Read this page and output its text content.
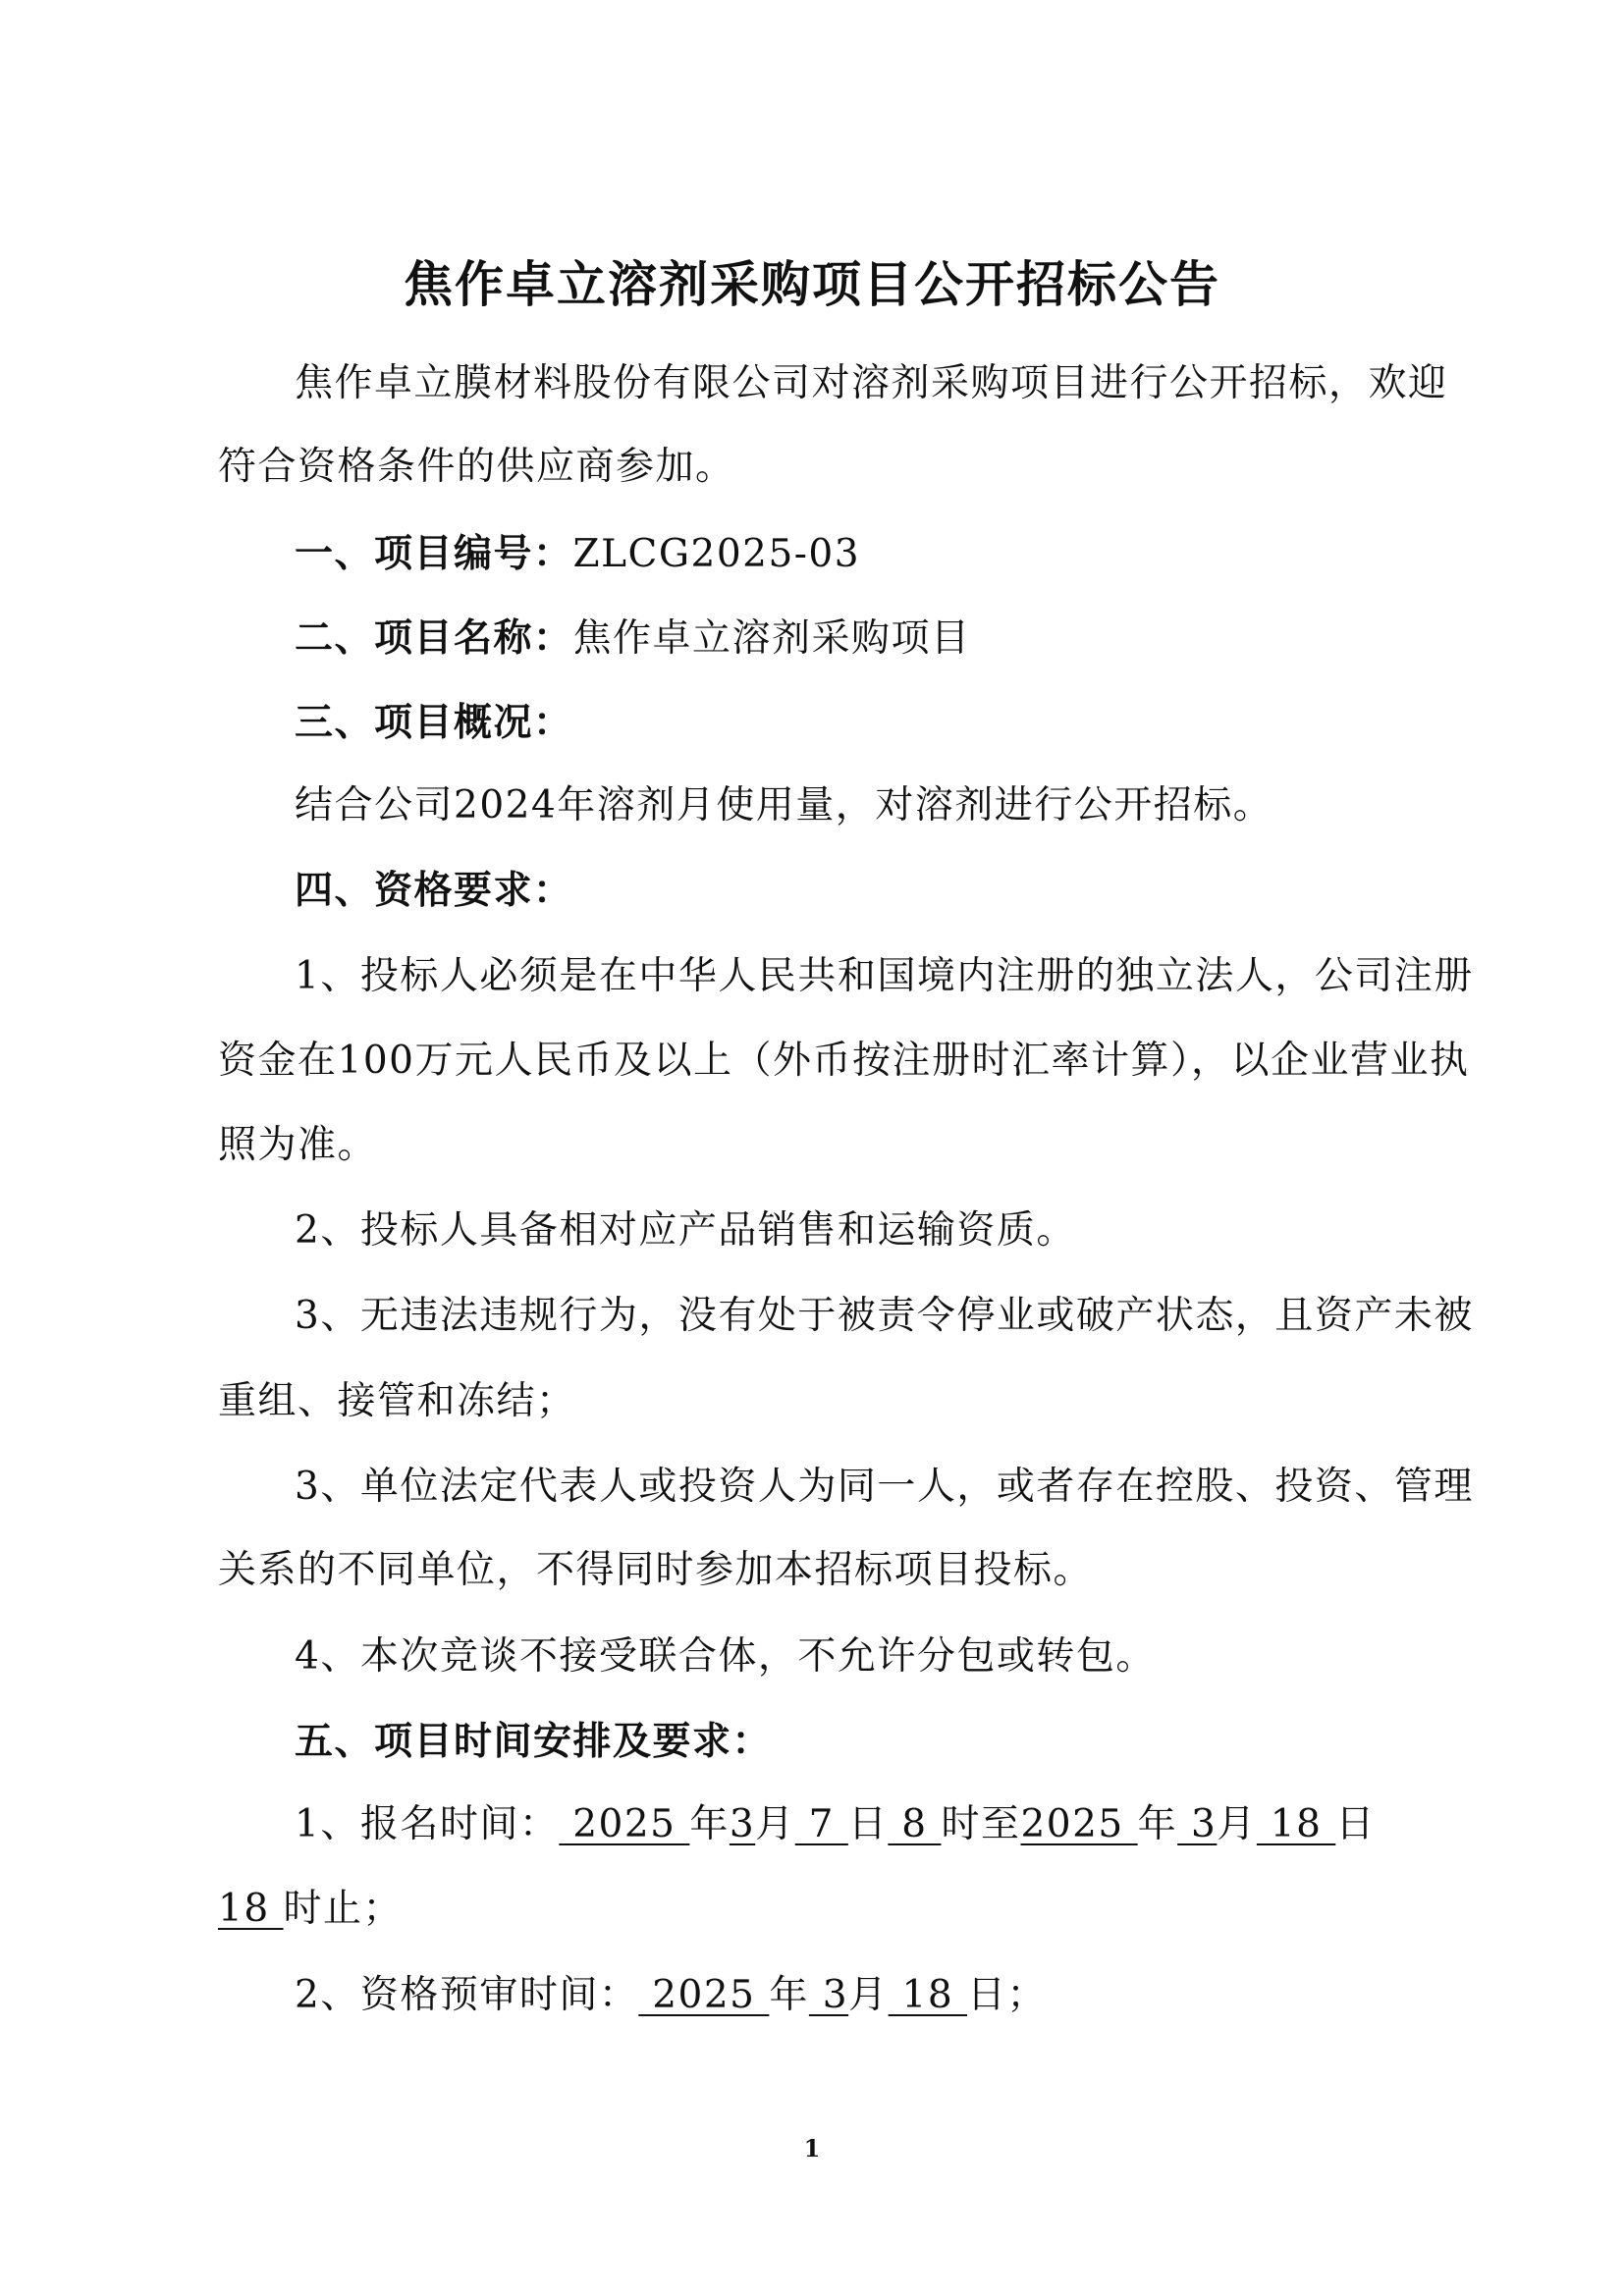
焦作卓立溶剂采购项目公开招标公告
焦作卓立膜材料股份有限公司对溶剂采购项目进行公开招标，欢迎
符合资格条件的供应商参加。
一、项目编号：ZLCG2025-03
二、项目名称：焦作卓立溶剂采购项目
三、项目概况：
结合公司2024年溶剂月使用量，对溶剂进行公开招标。
四、资格要求：
1、投标人必须是在中华人民共和国境内注册的独立法人，公司注册
资金在100万元人民币及以上（外币按注册时汇率计算），以企业营业执
照为准。
2、投标人具备相对应产品销售和运输资质。
3、无违法违规行为，没有处于被责令停业或破产状态，且资产未被
重组、接管和冻结；
3、单位法定代表人或投资人为同一人，或者存在控股、投资、管理
关系的不同单位，不得同时参加本招标项目投标。
4、本次竞谈不接受联合体，不允许分包或转包。
五、项目时间安排及要求：
1、报名时间： 2025 年3月 7 日 8 时至2025 年 3月 18 日
18 时止；
2、资格预审时间： 2025 年 3月 18 日；
1
